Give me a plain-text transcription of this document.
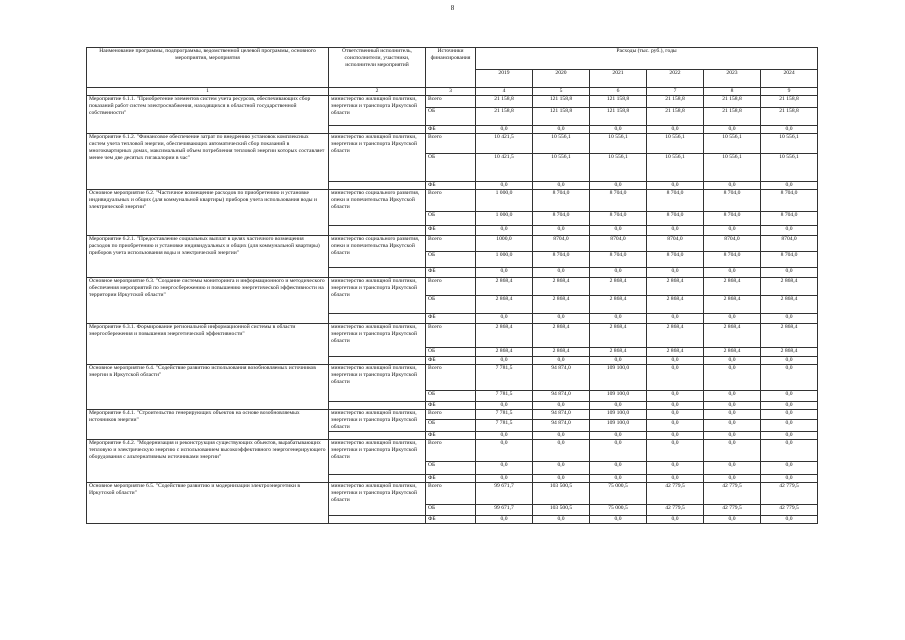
8
Наименование программы, подпрограммы, ведомственной целевой программы, основного мероприятия, мероприятия	Ответственный исполнитель, соисполнители, участники, исполнители мероприятий	Источники финансирования	Расходы (тыс. руб.), годы					
			2019	2020	2021	2022	2023	2024
1	2	3	4	5	6	7	8	9
Мероприятие 6.1.1. "Приобретение элементов систем учета ресурсов, обеспечивающих сбор показаний работ систем электроснабжения, находящихся в областной государственной собственности"	министерство жилищной политики, энергетики и транспорта Иркутской области	Всего	21 158,8	121 158,8	121 158,8	21 158,8	21 158,8	21 158,8
		ОБ	21 158,8	121 158,8	121 158,8	21 158,8	21 158,8	21 158,8
		ФБ	0,0	0,0	0,0	0,0	0,0	0,0
Мероприятие 6.1.2. "Финансовое обеспечение затрат по внедрению установок комплексных систем учета тепловой энергии, обеспечивающих автоматический сбор показаний в многоквартирных домах, максимальный объем потребления тепловой энергии которых составляет менее чем две десятых гигакалории в час"	министерство жилищной политики, энергетики и транспорта Иркутской области	Всего	10 421,5	10 556,1	10 556,1	10 556,1	10 556,1	10 556,1
		ОБ	10 421,5	10 556,1	10 556,1	10 556,1	10 556,1	10 556,1
		ФБ	0,0	0,0	0,0	0,0	0,0	0,0
Основное мероприятие 6.2. "Частичное возмещение расходов по приобретению и установке индивидуальных и общих (для коммунальной квартиры) приборов учета использования воды и электрической энергии"	министерство социального развития, опеки и попечительства Иркутской области	Всего	1 000,0	8 704,0	8 704,0	8 704,0	8 704,0	8 704,0
		ОБ	1 000,0	8 704,0	8 704,0	8 704,0	8 704,0	8 704,0
		ФБ	0,0	0,0	0,0	0,0	0,0	0,0
Мероприятие 6.2.1. "Предоставление социальных выплат в целях частичного возмещения расходов по приобретению и установке индивидуальных и общих (для коммунальной квартиры) приборов учета использования воды и электрической энергии"	министерство социального развития, опеки и попечительства Иркутской области	Всего	1000,0	8704,0	8704,0	8704,0	8704,0	8704,0
		ОБ	1 000,0	8 704,0	8 704,0	8 704,0	8 704,0	8 704,0
		ФБ	0,0	0,0	0,0	0,0	0,0	0,0
Основное мероприятие 6.3. "Создание системы мониторинга и информационного и методического обеспечения мероприятий по энергосбережению и повышению энергетической эффективности на территории Иркутской области"	министерство жилищной политики, энергетики и транспорта Иркутской области	Всего	2 868,4	2 868,4	2 868,4	2 868,4	2 868,4	2 868,4
		ОБ	2 868,4	2 868,4	2 868,4	2 868,4	2 868,4	2 868,4
		ФБ	0,0	0,0	0,0	0,0	0,0	0,0
Мероприятие 6.3.1. Формирование региональной информационной системы в области энергосбережения и повышения энергетической эффективности"	министерство жилищной политики, энергетики и транспорта Иркутской области	Всего	2 868,4	2 868,4	2 868,4	2 868,4	2 868,4	2 868,4
		ОБ	2 868,4	2 868,4	2 868,4	2 868,4	2 868,4	2 868,4
		ФБ	0,0	0,0	0,0	0,0	0,0	0,0
Основное мероприятие 6.4. "Содействие развитию использования возобновляемых источников энергии в Иркутской области"	министерство жилищной политики, энергетики и транспорта Иркутской области	Всего	7 781,5	94 874,0	109 100,0	0,0	0,0	0,0
		ОБ	7 781,5	94 874,0	109 100,0	0,0	0,0	0,0
		ФБ	0,0	0,0	0,0	0,0	0,0	0,0
Мероприятие 6.4.1. "Строительство генерирующих объектов на основе возобновляемых источников энергии"	министерство жилищной политики, энергетики и транспорта Иркутской области	Всего	7 781,5	94 874,0	109 100,0	0,0	0,0	0,0
		ОБ	7 781,5	94 874,0	109 100,0	0,0	0,0	0,0
		ФБ	0,0	0,0	0,0	0,0	0,0	0,0
Мероприятие 6.4.2. "Модернизация и реконструкция существующих объектов, вырабатывающих тепловую и электрическую энергию с использованием высокоэффективного энергогенерирующего оборудования с альтернативным источниками энергии"	министерство жилищной политики, энергетики и транспорта Иркутской области	Всего	0,0	0,0	0,0	0,0	0,0	0,0
		ОБ	0,0	0,0	0,0	0,0	0,0	0,0
		ФБ	0,0	0,0	0,0	0,0	0,0	0,0
Основное мероприятие 6.5. "Содействие развитию и модернизации электроэнергетики в Иркутской области"	министерство жилищной политики, энергетики и транспорта Иркутской области	Всего	99 671,7	103 500,5	75 000,5	42 779,5	42 779,5	42 779,5
		ОБ	99 671,7	103 500,5	75 000,5	42 779,5	42 779,5	42 779,5
		ФБ	0,0	0,0	0,0	0,0	0,0	0,0
